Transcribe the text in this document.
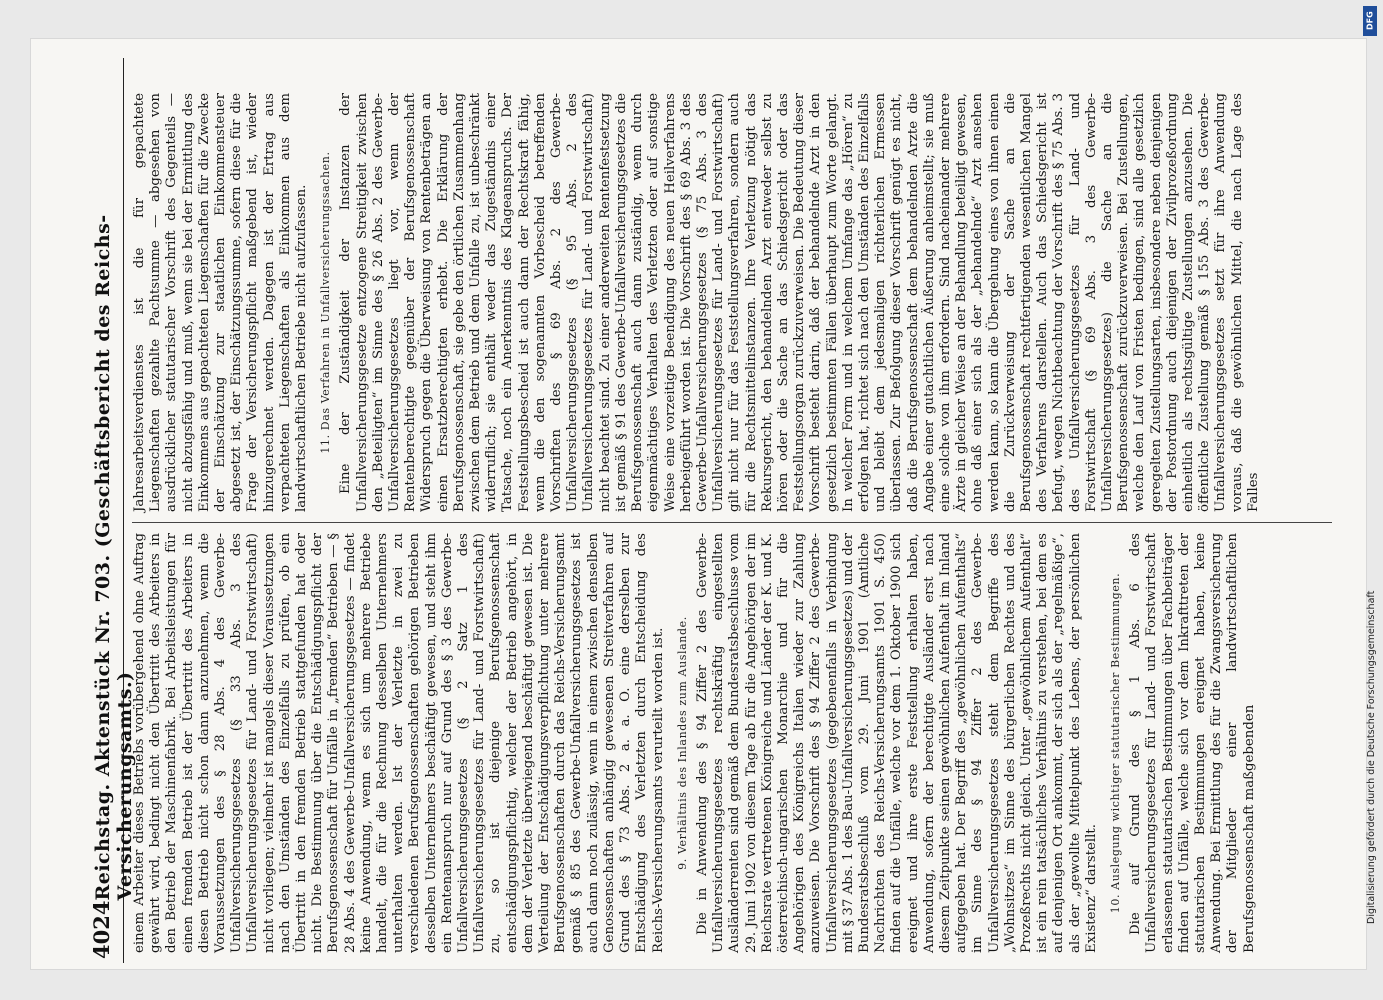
4024
Reichstag. Aktenstück Nr. 703. (Geschäftsbericht des Reichs-Versicherungsamts.)

einem Arbeiter dieses Betriebs vorübergehend ohne Auftrag gewährt wird, bedingt nicht den Übertritt des Arbeiters in den Betrieb der Maschinenfabrik. Bei Arbeitsleistungen für einen fremden Betrieb ist der Übertritt des Arbeiters in diesen Betrieb nicht schon dann anzunehmen, wenn die Voraussetzungen des § 28 Abs. 4 des Gewerbe-Unfallversicherungsgesetzes (§ 33 Abs. 3 des Unfallversicherungsgesetzes für Land- und Forstwirtschaft) nicht vorliegen; vielmehr ist mangels dieser Voraussetzungen nach den Umständen des Einzelfalls zu prüfen, ob ein Übertritt in den fremden Betrieb stattgefunden hat oder nicht. Die Bestimmung über die Entschädigungspflicht der Berufsgenossenschaft für Unfälle in „fremden“ Betrieben — § 28 Abs. 4 des Gewerbe-Unfallversicherungsgesetzes — findet keine Anwendung, wenn es sich um mehrere Betriebe handelt, die für die Rechnung desselben Unternehmers unterhalten werden. Ist der Verletzte in zwei zu verschiedenen Berufsgenossenschaften gehörigen Betrieben desselben Unternehmers beschäftigt gewesen, und steht ihm ein Rentenanspruch nur auf Grund des § 3 des Gewerbe-Unfallversicherungsgesetzes (§ 2 Satz 1 des Unfallversicherungsgesetzes für Land- und Forstwirtschaft) zu, so ist diejenige Berufsgenossenschaft entschädigungspflichtig, welcher der Betrieb angehört, in dem der Verletzte überwiegend beschäftigt gewesen ist. Die Verteilung der Entschädigungsverpflichtung unter mehrere Berufsgenossenschaften durch das Reichs-Versicherungsamt gemäß § 85 des Gewerbe-Unfallversicherungsgesetzes ist auch dann noch zulässig, wenn in einem zwischen denselben Genossenschaften anhängig gewesenen Streitverfahren auf Grund des § 73 Abs. 2 a. a. O. eine derselben zur Entschädigung des Verletzten durch Entscheidung des Reichs-Versicherungsamts verurteilt worden ist. 9. Verhältnis des Inlandes zum Auslande. Die in Anwendung des § 94 Ziffer 2 des Gewerbe-Unfallversicherungsgesetzes rechtskräftig eingestellten Ausländerrenten sind gemäß dem Bundesratsbeschlusse vom 29. Juni 1902 von diesem Tage ab für die Angehörigen der im Reichsrate vertretenen Königreiche und Länder der K. und K. österreichisch-ungarischen Monarchie und für die Angehörigen des Königreichs Italien wieder zur Zahlung anzuweisen. Die Vorschrift des § 94 Ziffer 2 des Gewerbe-Unfallversicherungsgesetzes (gegebenenfalls in Verbindung mit § 37 Abs. 1 des Bau-Unfallversicherungsgesetzes) und der Bundesratsbeschluß vom 29. Juni 1901 (Amtliche Nachrichten des Reichs-Versicherungsamts 1901 S. 450) finden auf die Unfälle, welche vor dem 1. Oktober 1900 sich ereignet und ihre erste Feststellung erhalten haben, Anwendung, sofern der berechtigte Ausländer erst nach diesem Zeitpunkte seinen gewöhnlichen Aufenthalt im Inland aufgegeben hat. Der Begriff des „gewöhnlichen Aufenthalts“ im Sinne des § 94 Ziffer 2 des Gewerbe-Unfallversicherungsgesetzes steht dem Begriffe des „Wohnsitzes“ im Sinne des bürgerlichen Rechtes und des Prozeßrechts nicht gleich. Unter „gewöhnlichem Aufenthalt“ ist ein rein tatsächliches Verhältnis zu verstehen, bei dem es auf denjenigen Ort ankommt, der sich als der „regelmäßige“, als der „gewollte Mittelpunkt des Lebens, der persönlichen Existenz“ darstellt. 10. Auslegung wichtiger statutarischer Bestimmungen. Die auf Grund des § 1 Abs. 6 des Unfallversicherungsgesetzes für Land- und Forstwirtschaft erlassenen statutarischen Bestimmungen über Fachbeiträger finden auf Unfälle, welche sich vor dem Inkrafttreten der statutarischen Bestimmungen ereignet haben, keine Anwendung. Bei Ermittlung des für die Zwangsversicherung der Mitglieder einer landwirtschaftlichen Berufsgenossenschaft maßgebenden

Jahresarbeitsverdienstes ist die für gepachtete Liegenschaften gezahlte Pachtsumme — abgesehen von ausdrücklicher statutarischer Vorschrift des Gegenteils — nicht abzugsfähig und muß, wenn sie bei der Ermittlung des Einkommens aus gepachteten Liegenschaften für die Zwecke der Einschätzung zur staatlichen Einkommensteuer abgesetzt ist, der Einschätzungssumme, sofern diese für die Frage der Versicherungspflicht maßgebend ist, wieder hinzugerechnet werden. Dagegen ist der Ertrag aus verpachteten Liegenschaften als Einkommen aus dem landwirtschaftlichen Betriebe nicht aufzufassen. 11. Das Verfahren in Unfallversicherungssachen. Eine der Zuständigkeit der Instanzen der Unfallversicherungsgesetze entzogene Streitigkeit zwischen den „Beteiligten“ im Sinne des § 26 Abs. 2 des Gewerbe-Unfallversicherungsgesetzes liegt vor, wenn der Rentenberechtigte gegenüber der Berufsgenossenschaft Widerspruch gegen die Überweisung von Rentenbeträgen an einen Ersatzberechtigten erhebt. Die Erklärung der Berufsgenossenschaft, sie gebe den örtlichen Zusammenhang zwischen dem Betrieb und dem Unfalle zu, ist unbeschränkt widerruflich; sie enthält weder das Zugeständnis einer Tatsache, noch ein Anerkenntnis des Klageanspruchs. Der Feststellungsbescheid ist auch dann der Rechtskraft fähig, wenn die den sogenannten Vorbescheid betreffenden Vorschriften des § 69 Abs. 2 des Gewerbe-Unfallversicherungsgesetzes (§ 95 Abs. 2 des Unfallversicherungsgesetzes für Land- und Forstwirtschaft) nicht beachtet sind. Zu einer anderweiten Rentenfestsetzung ist gemäß § 91 des Gewerbe-Unfallversicherungsgesetzes die Berufsgenossenschaft auch dann zuständig, wenn durch eigenmächtiges Verhalten des Verletzten oder auf sonstige Weise eine vorzeitige Beendigung des neuen Heilverfahrens herbeigeführt worden ist. Die Vorschrift des § 69 Abs. 3 des Gewerbe-Unfallversicherungsgesetzes (§ 75 Abs. 3 des Unfallversicherungsgesetzes für Land- und Forstwirtschaft) gilt nicht nur für das Feststellungsverfahren, sondern auch für die Rechtsmittelinstanzen. Ihre Verletzung nötigt das Rekursgericht, den behandelnden Arzt entweder selbst zu hören oder die Sache an das Schiedsgericht oder das Feststellungsorgan zurückzuverweisen. Die Bedeutung dieser Vorschrift besteht darin, daß der behandelnde Arzt in den gesetzlich bestimmten Fällen überhaupt zum Worte gelangt. In welcher Form und in welchem Umfange das „Hören“ zu erfolgen hat, richtet sich nach den Umständen des Einzelfalls und bleibt dem jedesmaligen richterlichen Ermessen überlassen. Zur Befolgung dieser Vorschrift genügt es nicht, daß die Berufsgenossenschaft dem behandelnden Arzte die Angabe einer gutachtlichen Äußerung anheimstellt; sie muß eine solche von ihm erfordern. Sind nacheinander mehrere Ärzte in gleicher Weise an der Behandlung beteiligt gewesen, ohne daß einer sich als der „behandelnde“ Arzt ansehen werden kann, so kann die Übergehung eines von ihnen einen die Zurückverweisung der Sache an die Berufsgenossenschaft rechtfertigenden wesentlichen Mangel des Verfahrens darstellen. Auch das Schiedsgericht ist befugt, wegen Nichtbeachtung der Vorschrift des § 75 Abs. 3 des Unfallversicherungsgesetzes für Land- und Forstwirtschaft (§ 69 Abs. 3 des Gewerbe-Unfallversicherungsgesetzes) die Sache an die Berufsgenossenschaft zurückzuverweisen. Bei Zustellungen, welche den Lauf von Fristen bedingen, sind alle gesetzlich geregelten Zustellungsarten, insbesondere neben denjenigen der Postordnung auch diejenigen der Zivilprozeßordnung einheitlich als rechtsgültige Zustellungen anzusehen. Die öffentliche Zustellung gemäß § 155 Abs. 3 des Gewerbe-Unfallversicherungsgesetzes setzt für ihre Anwendung voraus, daß die gewöhnlichen Mittel, die nach Lage des Falles

DFG
Digitalisierung gefördert durch die Deutsche Forschungsgemeinschaft
